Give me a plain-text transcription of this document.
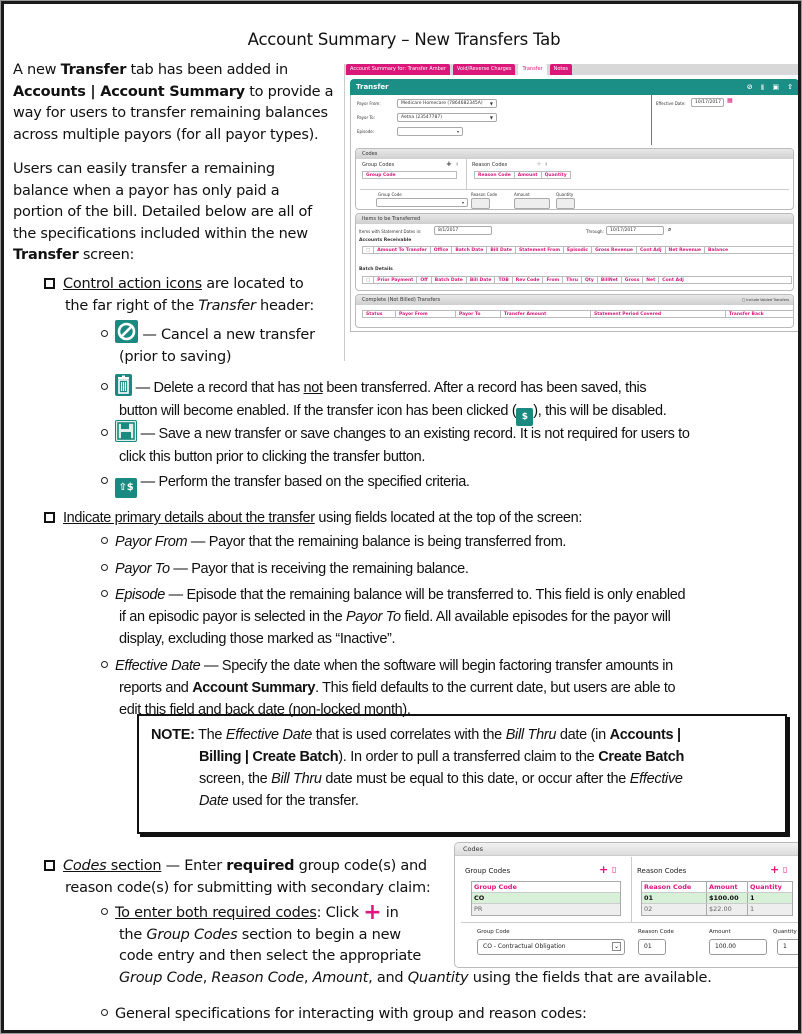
Account Summary – New Transfers Tab
A new Transfer tab has been added in
Accounts | Account Summary to provide a
way for users to transfer remaining balances
across multiple payors (for all payor types).
Users can easily transfer a remaining
balance when a payor has only paid a
portion of the bill. Detailed below are all of
the specifications included within the new
Transfer screen:
Control action icons are located to
the far right of the Transfer header:
— Cancel a new transfer
(prior to saving)
— Delete a record that has not been transferred. After a record has been saved, this
button will become enabled. If the transfer icon has been clicked ( $ ), this will be disabled.
— Save a new transfer or save changes to an existing record. It is not required for users to
click this button prior to clicking the transfer button.
⇧$ — Perform the transfer based on the specified criteria.
Indicate primary details about the transfer using fields located at the top of the screen:
Payor From — Payor that the remaining balance is being transferred from.
Payor To — Payor that is receiving the remaining balance.
Episode — Episode that the remaining balance will be transferred to. This field is only enabled
if an episodic payor is selected in the Payor To field. All available episodes for the payor will
display, excluding those marked as “Inactive”.
Effective Date — Specify the date when the software will begin factoring transfer amounts in
reports and Account Summary. This field defaults to the current date, but users are able to
edit this field and back date (non-locked month).
NOTE: The Effective Date that is used correlates with the Bill Thru date (in Accounts |
Billing | Create Batch). In order to pull a transferred claim to the Create Batch
screen, the Bill Thru date must be equal to this date, or occur after the Effective
Date used for the transfer.
Codes section — Enter required group code(s) and
reason code(s) for submitting with secondary claim:
To enter both required codes: Click + in
the Group Codes section to begin a new
code entry and then select the appropriate
Group Code, Reason Code, Amount, and Quantity using the fields that are available.
General specifications for interacting with group and reason codes:
Account Summary for: Transfer Amber	Void/Reverse Charges	Transfer	Notes
Transfer	⊘ ▮ ▣ ⇧
Payor From:	Medicare Homecare (7864682345A) ▼
Payor To:	Aetna (23547787)	▼
Episode:	▾
Effective Date:	10/17/2017	▦
Codes
Group Codes	+ ▮
Group Code
Reason Codes	+ ▮
Reason Code	Amount	Quantity
Group Code
▾
Reason Code	Amount	Quantity
Items to be Transferred
Items with Statement Dates in:	8/1/2017	Through:	10/17/2017	⌕
Accounts Receivable
□	Amount To Transfer	Office	Batch Date	Bill Date	Statement From	Episodic	Gross Revenue	Cont Adj	Net Revenue	Balance
Batch Details
□	Prior Payment	Off	Batch Date	Bill Date	TOB	Rev Code	From	Thru	Qty	BillNet	Gross	Net	Cont Adj
Complete (Not Billed) Transfers	□ Include Voided Transfers
Status	Payor From	Payor To	Transfer Amount	Statement Period Covered	Transfer Back
Codes
Group Codes	+ ▯
Group Code
CO
PR
Reason Codes	+ ▯
Reason Code	Amount	Quantity
01	$100.00	1
02	$22.00	1
Group Code
CO - Contractual Obligation	⌄
Reason Code
01
Amount
100.00
Quantity
1
